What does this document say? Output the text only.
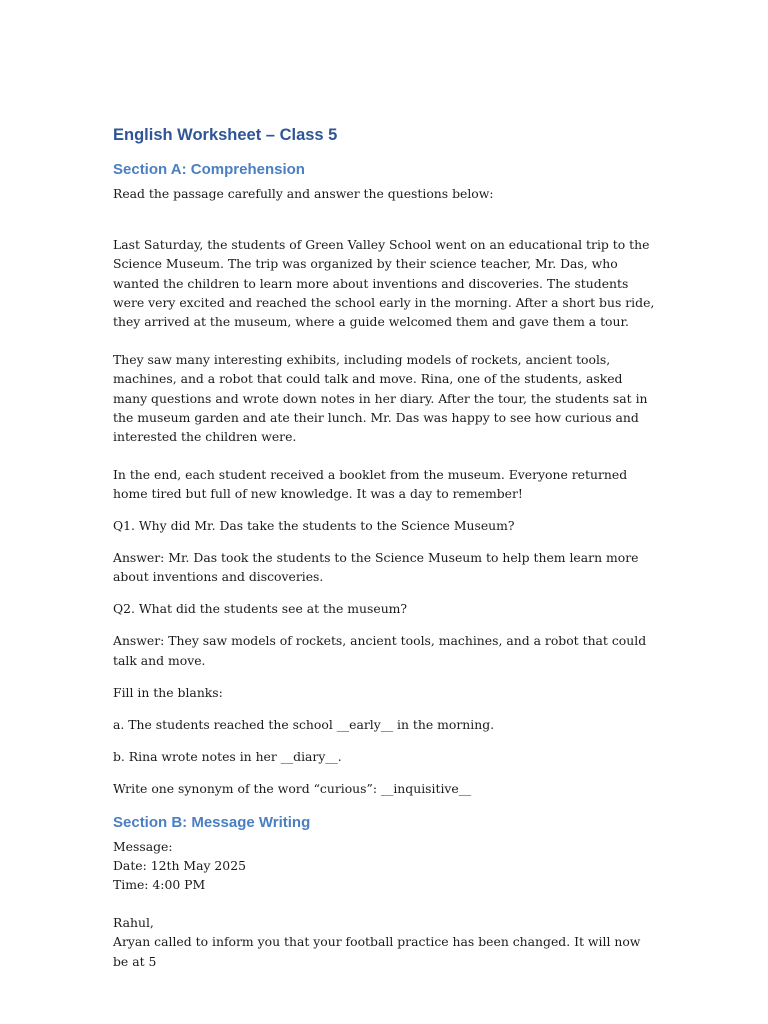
English Worksheet – Class 5
Section A: Comprehension

Read the passage carefully and answer the questions below:

Last Saturday, the students of Green Valley School went on an educational trip to the Science Museum. The trip was organized by their science teacher, Mr. Das, who wanted the children to learn more about inventions and discoveries. The students were very excited and reached the school early in the morning. After a short bus ride, they arrived at the museum, where a guide welcomed them and gave them a tour.

They saw many interesting exhibits, including models of rockets, ancient tools, machines, and a robot that could talk and move. Rina, one of the students, asked many questions and wrote down notes in her diary. After the tour, the students sat in the museum garden and ate their lunch. Mr. Das was happy to see how curious and interested the children were.

In the end, each student received a booklet from the museum. Everyone returned home tired but full of new knowledge. It was a day to remember!

Q1. Why did Mr. Das take the students to the Science Museum?

Answer: Mr. Das took the students to the Science Museum to help them learn more about inventions and discoveries.

Q2. What did the students see at the museum?

Answer: They saw models of rockets, ancient tools, machines, and a robot that could talk and move.

Fill in the blanks:

a. The students reached the school __early__ in the morning.

b. Rina wrote notes in her __diary__.

Write one synonym of the word “curious”: __inquisitive__

Section B: Message Writing

Message:

Date: 12th May 2025

Time: 4:00 PM

Rahul,

Aryan called to inform you that your football practice has been changed. It will now be at 5
